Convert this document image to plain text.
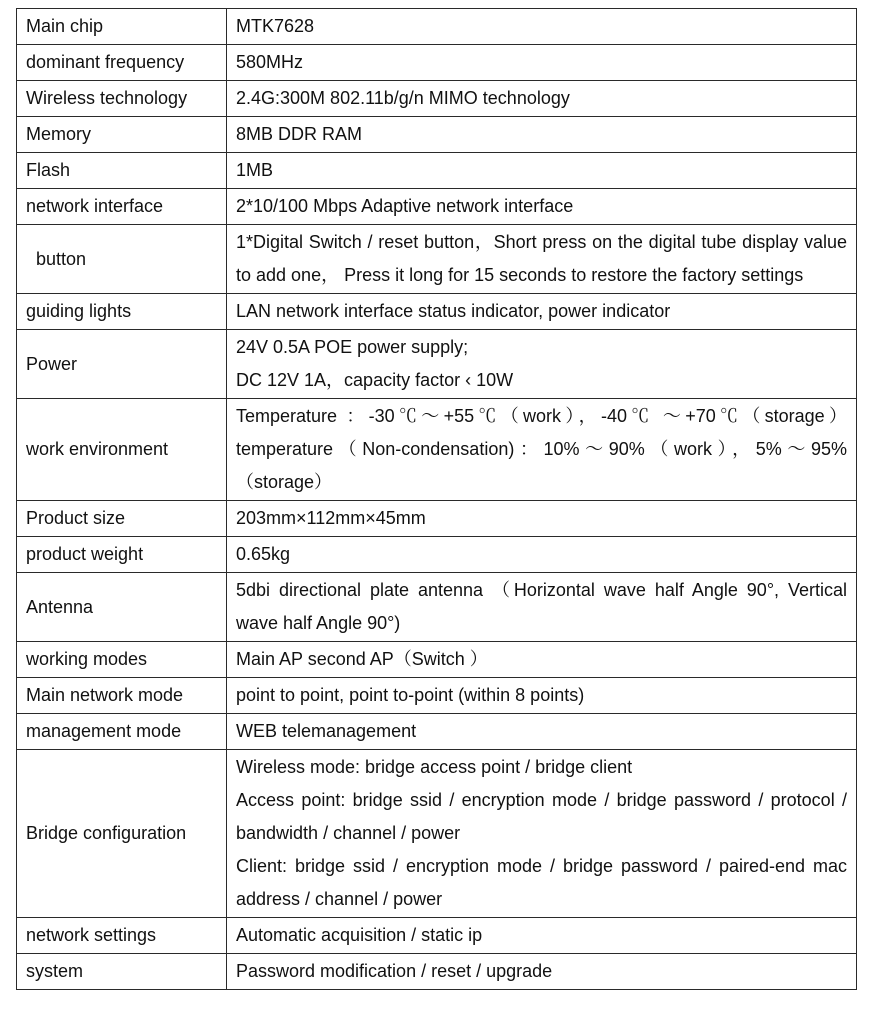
Main chip	MTK7628

dominant frequency	580MHz

Wireless technology	2.4G:300M 802.11b/g/n MIMO technology

Memory	8MB DDR RAM

Flash	1MB

network interface	2*10/100 Mbps Adaptive network interface

button	1*Digital Switch / reset button，Short press on the digital tube display value to add one， Press it long for 15 seconds to restore the factory settings

guiding lights	LAN network interface status indicator, power indicator

Power	24V 0.5A POE power supply;
DC 12V 1A，capacity factor ‹ 10W

work environment	Temperature ：-30℃～+55℃（work），-40℃ ～+70℃（storage） temperature（Non-condensation)：10%～90%（work），5%～95%（storage）

Product size	203mm×112mm×45mm

product weight	0.65kg

Antenna	5dbi directional plate antenna （Horizontal wave half Angle 90°, Vertical wave half Angle 90°)

working modes	Main AP second AP（Switch ）

Main network mode	point to point, point to-point (within 8 points)

management mode	WEB telemanagement

Bridge configuration	Wireless mode: bridge access point / bridge client
Access point: bridge ssid / encryption mode / bridge password / protocol / bandwidth / channel / power
Client: bridge ssid / encryption mode / bridge password / paired-end mac address / channel / power

network settings	Automatic acquisition / static ip

system	Password modification / reset / upgrade
